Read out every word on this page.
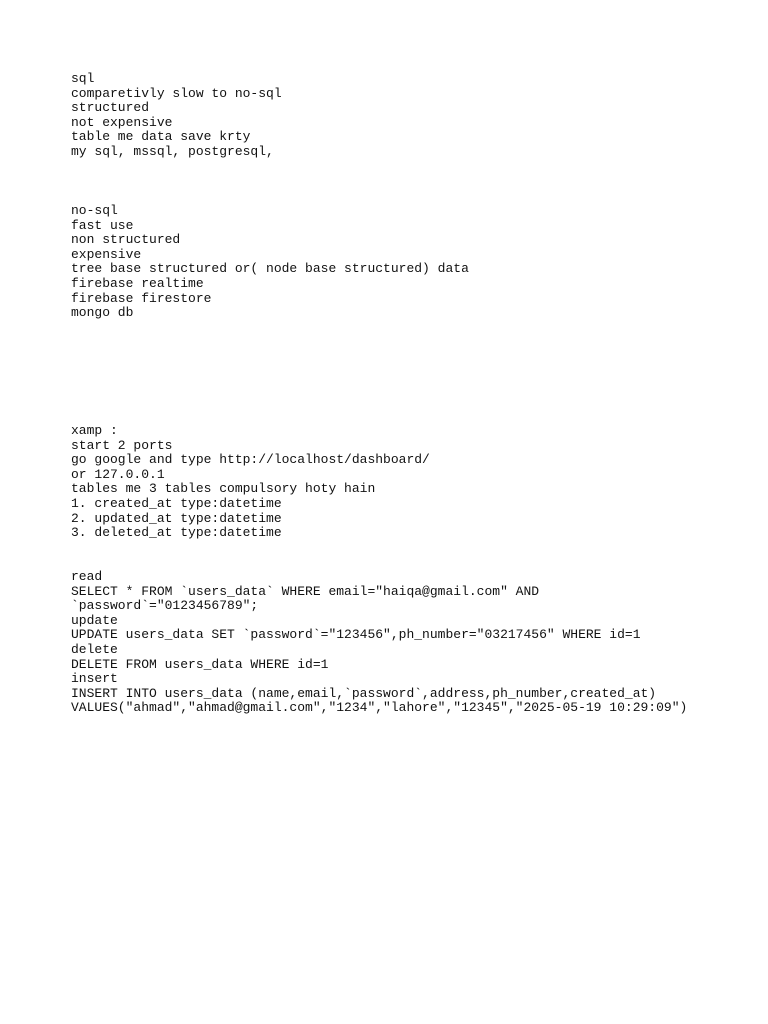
sql

comparetivly slow to no-sql

structured

not expensive

table me data save krty

my sql, mssql, postgresql,

no-sql

fast use

non structured

expensive

tree base structured or( node base structured) data

firebase realtime

firebase firestore

mongo db

xamp :

start 2 ports

go google and type http://localhost/dashboard/

or 127.0.0.1

tables me 3 tables compulsory hoty hain

1. created_at type:datetime

2. updated_at type:datetime

3. deleted_at type:datetime

read

SELECT * FROM `users_data` WHERE email="haiqa@gmail.com" AND

`password`="0123456789";

update

UPDATE users_data SET `password`="123456",ph_number="03217456" WHERE id=1

delete

DELETE FROM users_data WHERE id=1

insert

INSERT INTO users_data (name,email,`password`,address,ph_number,created_at)

VALUES("ahmad","ahmad@gmail.com","1234","lahore","12345","2025-05-19 10:29:09")
